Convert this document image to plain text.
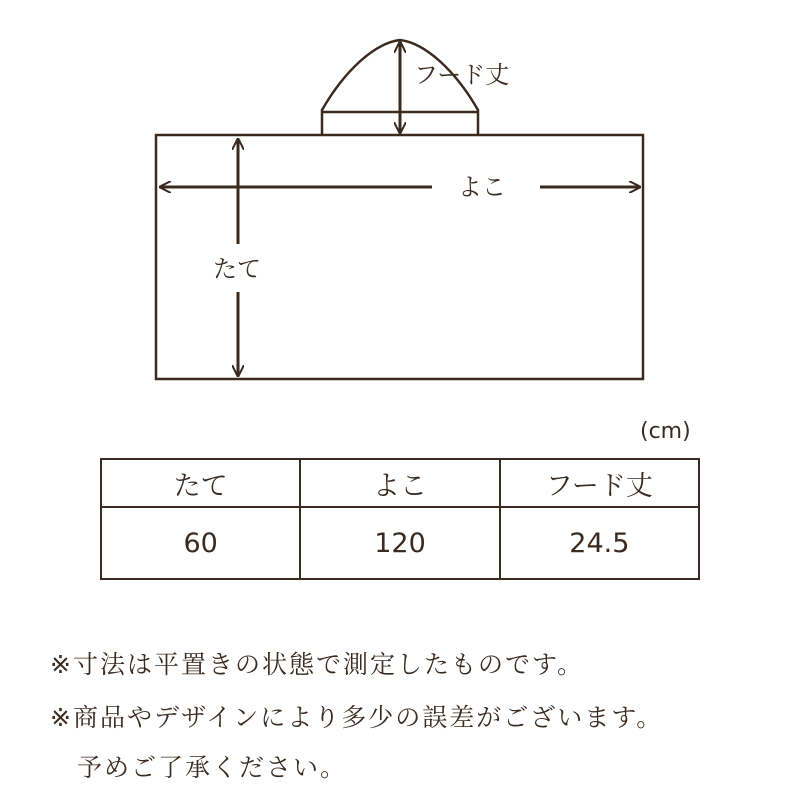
フード丈
よこ
たて
(cm)
たて	よこ	フード丈
60	120	24.5
※寸法は平置きの状態で測定したものです。
※商品やデザインにより多少の誤差がございます。
　予めご了承ください。
